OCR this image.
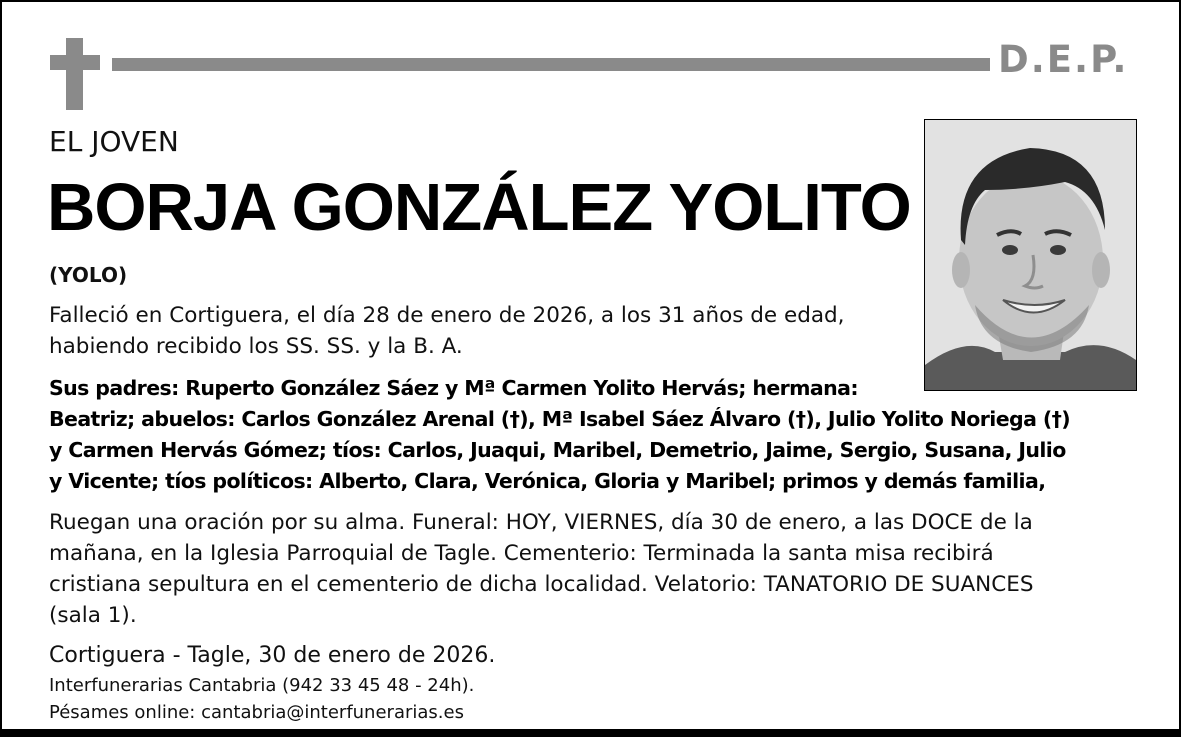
D.E.P.
EL JOVEN
BORJA GONZÁLEZ YOLITO
(YOLO)
Falleció en Cortiguera, el día 28 de enero de 2026, a los 31 años de edad,
habiendo recibido los SS. SS. y la B. A.
Sus padres: Ruperto González Sáez y Mª Carmen Yolito Hervás; hermana:
Beatriz; abuelos: Carlos González Arenal (†), Mª Isabel Sáez Álvaro (†), Julio Yolito Noriega (†)
y Carmen Hervás Gómez; tíos: Carlos, Juaqui, Maribel, Demetrio, Jaime, Sergio, Susana, Julio
y Vicente; tíos políticos: Alberto, Clara, Verónica, Gloria y Maribel; primos y demás familia,
Ruegan una oración por su alma. Funeral: HOY, VIERNES, día 30 de enero, a las DOCE de la
mañana, en la Iglesia Parroquial de Tagle. Cementerio: Terminada la santa misa recibirá
cristiana sepultura en el cementerio de dicha localidad. Velatorio: TANATORIO DE SUANCES
(sala 1).
Cortiguera - Tagle, 30 de enero de 2026.
Interfunerarias Cantabria (942 33 45 48 - 24h).
Pésames online: cantabria@interfunerarias.es
